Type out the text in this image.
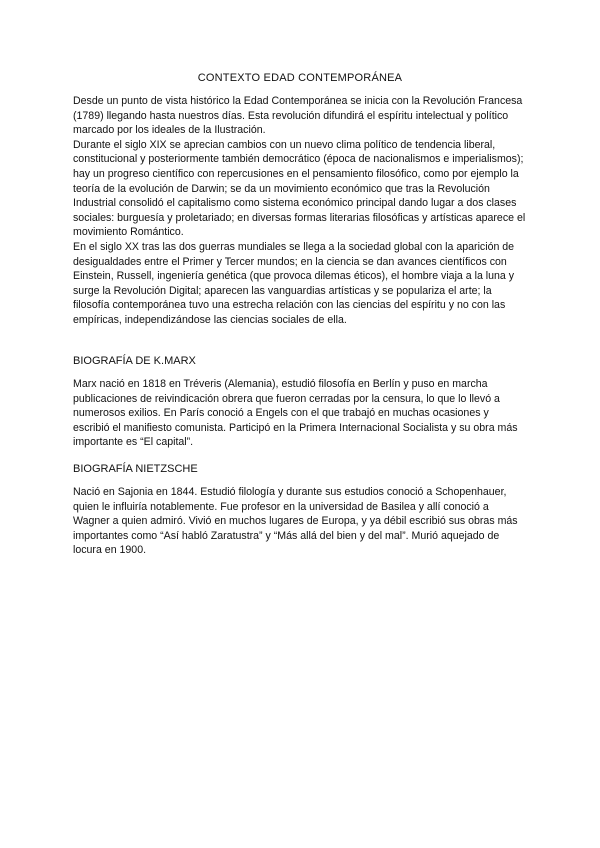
CONTEXTO EDAD CONTEMPORÁNEA

Desde un punto de vista histórico la Edad Contemporánea se inicia con la Revolución Francesa (1789) llegando hasta nuestros días. Esta revolución difundirá el espíritu intelectual y político marcado por los ideales de la Ilustración.

Durante el siglo XIX se aprecian cambios con un nuevo clima político de tendencia liberal, constitucional y posteriormente también democrático (época de nacionalismos e imperialismos); hay un progreso científico con repercusiones en el pensamiento filosófico, como por ejemplo la teoría de la evolución de Darwin; se da un movimiento económico que tras la Revolución Industrial consolidó el capitalismo como sistema económico principal dando lugar a dos clases sociales: burguesía y proletariado; en diversas formas literarias filosóficas y artísticas aparece el movimiento Romántico.

En el siglo XX tras las dos guerras mundiales se llega a la sociedad global con la aparición de desigualdades entre el Primer y Tercer mundos; en la ciencia se dan avances científicos con Einstein, Russell, ingeniería genética (que provoca dilemas éticos), el hombre viaja a la luna y surge la Revolución Digital; aparecen las vanguardias artísticas y se populariza el arte; la filosofía contemporánea tuvo una estrecha relación con las ciencias del espíritu y no con las empíricas, independizándose las ciencias sociales de ella.

BIOGRAFÍA DE K.MARX

Marx nació en 1818 en Tréveris (Alemania), estudió filosofía en Berlín y puso en marcha publicaciones de reivindicación obrera que fueron cerradas por la censura, lo que lo llevó a numerosos exilios. En París conoció a Engels con el que trabajó en muchas ocasiones y escribió el manifiesto comunista. Participó en la Primera Internacional Socialista y su obra más importante es “El capital”.

BIOGRAFÍA NIETZSCHE

Nació en Sajonia en 1844. Estudió filología y durante sus estudios conoció a Schopenhauer, quien le influiría notablemente. Fue profesor en la universidad de Basilea y allí conoció a Wagner a quien admiró. Vivió en muchos lugares de Europa, y ya débil escribió sus obras más importantes como “Así habló Zaratustra” y “Más allá del bien y del mal”. Murió aquejado de locura en 1900.
